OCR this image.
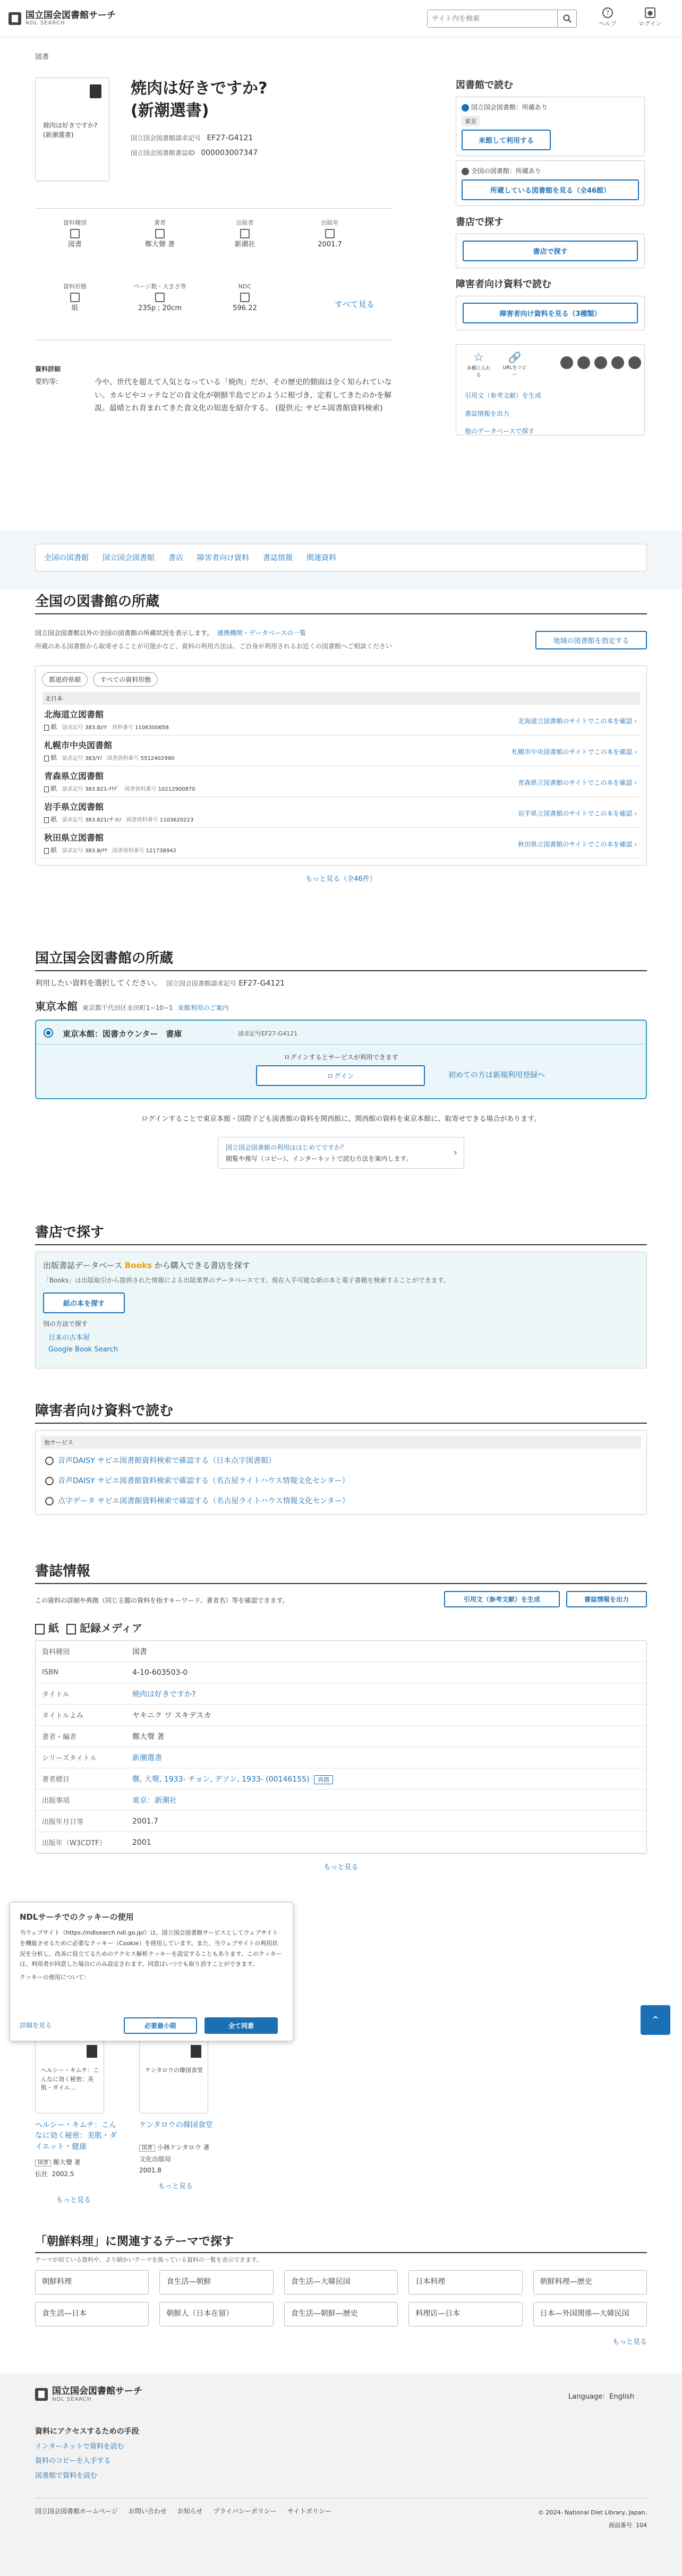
国立国会図書館サーチ
NDL SEARCH
サイト内を検索
?
ヘルプ
●
ログイン
図書
焼肉は好きですか? (新潮選書)
焼肉は好きですか?
(新潮選書)
国立国会図書館請求記号 EF27-G4121
国立国会図書館書誌ID 000003007347
資料種別
図書
著者
鄭大聲 著
出版者
新潮社
出版年
2001.7
資料形態
紙
ページ数・大きさ等
235p ; 20cm
NDC
596.22	すべて見る
資料詳細
要約等:	今や、世代を超えて人気となっている「焼肉」だが、その歴史的側面は全く知られていない。カルビやコッテなどの食文化が朝鮮半島でどのように根づき、定着してきたのかを解説。最晴とれ育まれてきた食文化の知恵を紹介する。 (提供元: サピエ図書館資料検索)
図書館で読む
国立国会図書館：所蔵あり
東京
来館して利用する
全国の図書館：所蔵あり
所蔵している図書館を見る（全46館）
書店で探す
書店で探す
障害者向け資料で読む
障害者向け資料を見る（3種類）
☆
本棚に入れる
🔗
URLをコピー
引用文（参考文献）を生成
書誌情報を出力
他のデータベースで探す
全国の図書館 国立国会図書館 書店 障害者向け資料 書誌情報 関連資料
全国の図書館の所蔵
国立国会図書館以外の全国の図書館の所蔵状況を表示します。 連携機関・データベースの一覧
所蔵のある図書館から取寄せることが可能かなど、資料の利用方法は、ご自身が利用されるお近くの図書館へご相談ください
地域の図書館を指定する
都道府県順	すべての資料形態
北日本
北海道立図書館
紙 請求記号 383.8//Y 資料番号 1106300658
北海道立図書館のサイトでこの本を確認 ›
札幌市中央図書館
紙 請求記号 383/Y/ 図書資料番号 5512402990
札幌市中央図書館のサイトでこの本を確認 ›
青森県立図書館
紙 請求記号 383.821-ﾁﾔﾃﾞ 図書資料番号 10212900870
青森県立図書館のサイトでこの本を確認 ›
岩手県立図書館
紙 請求記号 383.821/チヨ/ 図書資料番号 1103620223
岩手県立図書館のサイトでこの本を確認 ›
秋田県立図書館
紙 請求記号 383.8/ﾁﾔ 図書資料番号 121738942
秋田県立図書館のサイトでこの本を確認 ›
もっと見る（全46件）
国立国会図書館の所蔵
利用したい資料を選択してください。 国立国会図書館請求記号 EF27-G4121
東京本館 東京都千代田区永田町1−10−1 来館利用のご案内
東京本館：図書カウンター　書庫	請求記号EF27-G4121
ログインするとサービスが利用できます
ログイン	初めての方は新規利用登録へ
ログインすることで東京本館・国際子ども図書館の資料を関西館に、関西館の資料を東京本館に、取寄せできる場合があります。
国立国会図書館の利用ははじめてですか？
閲覧や複写（コピー）、インターネットで読む方法を案内します。
›
書店で探す
出版書誌データベース Books から購入できる書店を探す
「Books」は出版取引から提供された情報による出版業界のデータベースです。現在入手可能な紙の本と電子書籍を検索することができます。
紙の本を探す
別の方法で探す
日本の古本屋
Google Book Search
障害者向け資料で読む
他サービス
音声DAISY サピエ図書館資料検索で確認する（日本点字図書館）
音声DAISY サピエ図書館資料検索で確認する（名古屋ライトハウス情報文化センター）
点字データ サピエ図書館資料検索で確認する（名古屋ライトハウス情報文化センター）
書誌情報
この資料の詳細や典拠（同じ主題の資料を指すキーワード、著者名）等を確認できます。	引用文（参考文献）を生成	書誌情報を出力
紙 記録メディア
資料種別	図書
ISBN	4-10-603503-0
タイトル	焼肉は好きですか?
タイトルよみ	ヤキニク ワ スキデスカ
著者・編者	鄭大聲 著
シリーズタイトル	新潮選書
著者標目	鄭, 大聲, 1933- チョン, デソン, 1933- (00146155) 典拠
出版事項	東京：新潮社
出版年月日等	2001.7
出版年（W3CDTF）	2001
もっと見る
ヘルシー・キムチ：こんなに効く秘密：美肌・ダイエ…
ケンタロウの韓国食堂
ヘルシー・キムチ：こんなに効く秘密：美肌・ダイエット・健康
ケンタロウの韓国食堂
図書 鄭大聲 著
伝社 2002.5
図書 小林ケンタロウ 著
文化出版局
2001.8
もっと見る
もっと見る
NDLサーチでのクッキーの使用
当ウェブサイト（https://ndlsearch.ndl.go.jp/）は、国立国会図書館サービスとしてウェブサイトを機能させるために必要なクッキー（Cookie）を使用しています。また、当ウェブサイトの利用状況を分析し、改善に役立てるためのアクセス解析クッキーを設定することもあります。このクッキーは、利用者が同意した場合にのみ設定されます。同意はいつでも取り消すことができます。
クッキーの使用について：
詳細を見る	必要最小限	全て同意	⌃
「朝鮮料理」に関連するテーマで探す
テーマが似ている資料や、より細かいテーマを扱っている資料の一覧を表示できます。
朝鮮料理	食生活—朝鮮	食生活—大韓民国	日本料理	朝鮮料理—歴史
食生活—日本	朝鮮人（日本在留）	食生活—朝鮮—歴史	料理店—日本	日本—外国関係—大韓民国
もっと見る
国立国会図書館サーチ
NDL SEARCH	Language：English
資料にアクセスするための手段
インターネットで資料を読む
資料のコピーを入手する
図書館で資料を読む
国立国会図書館ホームページ お問い合わせ お知らせ プライバシーポリシー サイトポリシー	© 2024- National Diet Library, Japan.
画面番号 104
